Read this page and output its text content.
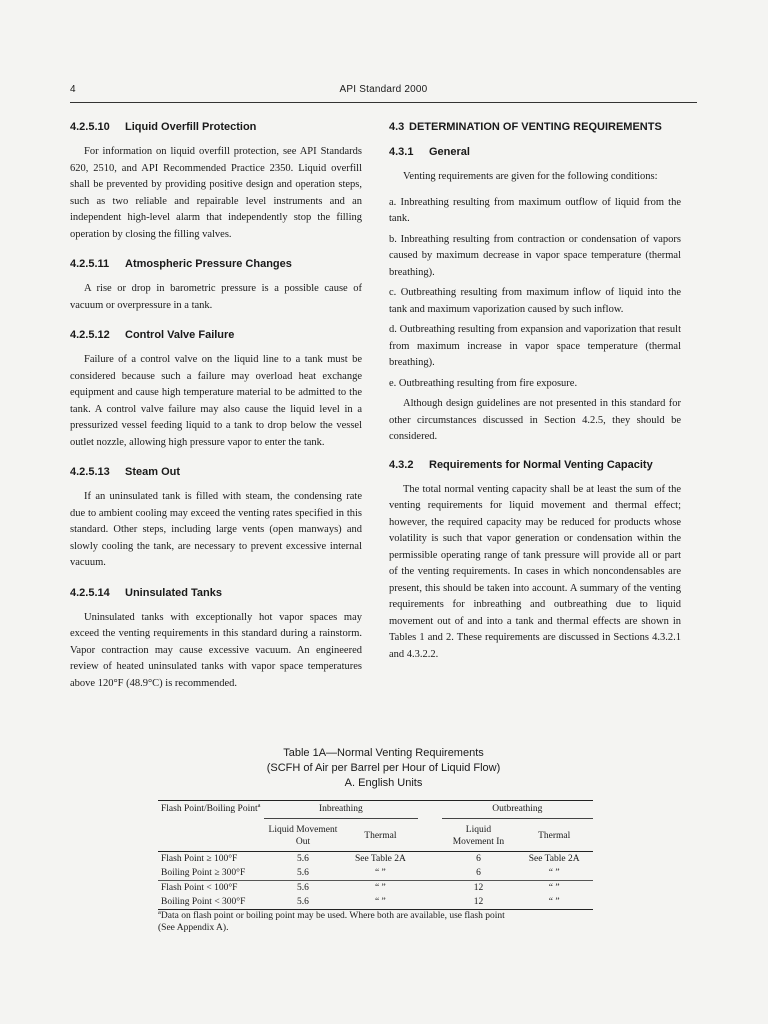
4	API Standard 2000
4.2.5.10 Liquid Overfill Protection

For information on liquid overfill protection, see API Standards 620, 2510, and API Recommended Practice 2350. Liquid overfill shall be prevented by providing positive design and operation steps, such as two reliable and repairable level instruments and an independent high-level alarm that independently stop the filling operation by closing the filling valves.

4.2.5.11 Atmospheric Pressure Changes

A rise or drop in barometric pressure is a possible cause of vacuum or overpressure in a tank.

4.2.5.12 Control Valve Failure

Failure of a control valve on the liquid line to a tank must be considered because such a failure may overload heat exchange equipment and cause high temperature material to be admitted to the tank. A control valve failure may also cause the liquid level in a pressurized vessel feeding liquid to a tank to drop below the vessel outlet nozzle, allowing high pressure vapor to enter the tank.

4.2.5.13 Steam Out

If an uninsulated tank is filled with steam, the condensing rate due to ambient cooling may exceed the venting rates specified in this standard. Other steps, including large vents (open manways) and slowly cooling the tank, are necessary to prevent excessive internal vacuum.

4.2.5.14 Uninsulated Tanks

Uninsulated tanks with exceptionally hot vapor spaces may exceed the venting requirements in this standard during a rainstorm. Vapor contraction may cause excessive vacuum. An engineered review of heated uninsulated tanks with vapor space temperatures above 120°F (48.9°C) is recommended.

4.3 DETERMINATION OF VENTING REQUIREMENTS
4.3.1 General

Venting requirements are given for the following conditions:

a. Inbreathing resulting from maximum outflow of liquid from the tank.

b. Inbreathing resulting from contraction or condensation of vapors caused by maximum decrease in vapor space temperature (thermal breathing).

c. Outbreathing resulting from maximum inflow of liquid into the tank and maximum vaporization caused by such inflow.

d. Outbreathing resulting from expansion and vaporization that result from maximum increase in vapor space temperature (thermal breathing).

e. Outbreathing resulting from fire exposure.

Although design guidelines are not presented in this standard for other circumstances discussed in Section 4.2.5, they should be considered.

4.3.2 Requirements for Normal Venting Capacity

The total normal venting capacity shall be at least the sum of the venting requirements for liquid movement and thermal effect; however, the required capacity may be reduced for products whose volatility is such that vapor generation or condensation within the permissible operating range of tank pressure will provide all or part of the venting requirements. In cases in which noncondensables are present, this should be taken into account. A summary of the venting requirements for inbreathing and outbreathing due to liquid movement out of and into a tank and thermal effects are shown in Tables 1 and 2. These requirements are discussed in Sections 4.3.2.1 and 4.3.2.2.

Table 1A—Normal Venting Requirements
(SCFH of Air per Barrel per Hour of Liquid Flow)
A. English Units
Flash Point/Boiling Point$^a$	Inbreathing			Outbreathing	
	Liquid Movement Out	Thermal		Liquid Movement In	Thermal
Flash Point ≥ 100°F	5.6	See Table 2A		6	See Table 2A
Boiling Point ≥ 300°F	5.6	“ ”		6	“ ”
Flash Point < 100°F	5.6	“ ”		12	“ ”
Boiling Point < 300°F	5.6	“ ”		12	“ ”
$^a$Data on flash point or boiling point may be used. Where both are available, use flash point
(See Appendix A).
